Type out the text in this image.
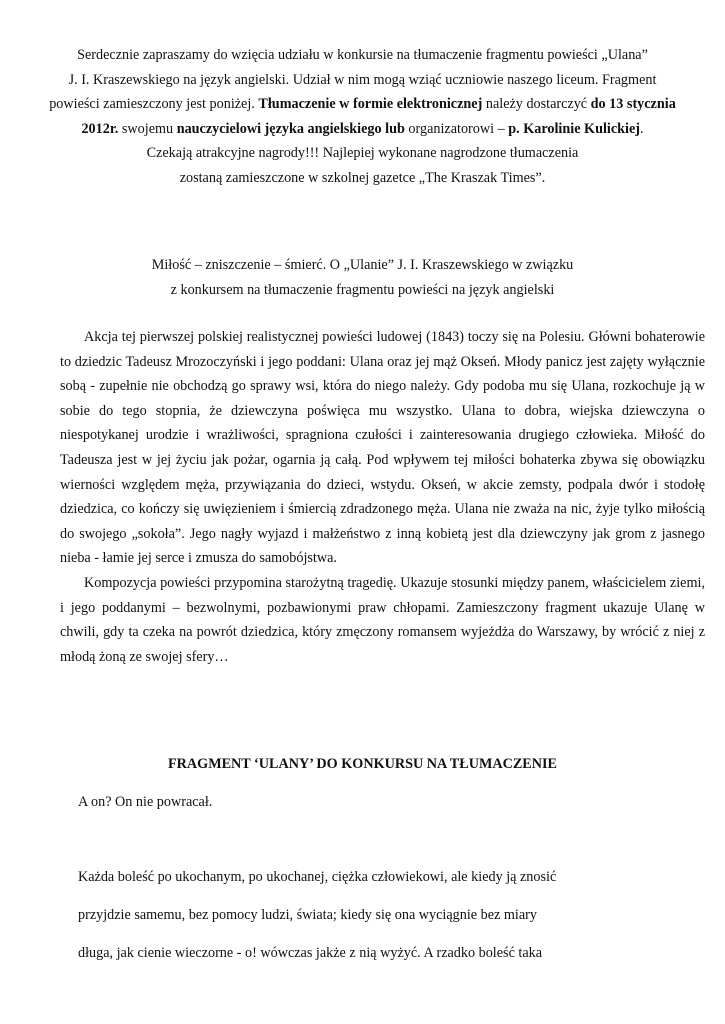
Serdecznie zapraszamy do wzięcia udziału w konkursie na tłumaczenie fragmentu powieści „Ulana”
J. I. Kraszewskiego na język angielski. Udział w nim mogą wziąć uczniowie naszego liceum. Fragment
powieści zamieszczony jest poniżej. Tłumaczenie w formie elektronicznej należy dostarczyć do 13 stycznia
2012r. swojemu nauczycielowi języka angielskiego lub organizatorowi – p. Karolinie Kulickiej.
Czekają atrakcyjne nagrody!!! Najlepiej wykonane nagrodzone tłumaczenia
zostaną zamieszczone w szkolnej gazetce „The Kraszak Times”.
Miłość – zniszczenie – śmierć. O „Ulanie” J. I. Kraszewskiego w związku
z konkursem na tłumaczenie fragmentu powieści na język angielski

Akcja tej pierwszej polskiej realistycznej powieści ludowej (1843) toczy się na Polesiu. Główni bohaterowie to dziedzic Tadeusz Mrozoczyński i jego poddani: Ulana oraz jej mąż Okseń. Młody panicz jest zajęty wyłącznie sobą - zupełnie nie obchodzą go sprawy wsi, która do niego należy. Gdy podoba mu się Ulana, rozkochuje ją w sobie do tego stopnia, że dziewczyna poświęca mu wszystko. Ulana to dobra, wiejska dziewczyna o niespotykanej urodzie i wrażliwości, spragniona czułości i zainteresowania drugiego człowieka. Miłość do Tadeusza jest w jej życiu jak pożar, ogarnia ją całą. Pod wpływem tej miłości bohaterka zbywa się obowiązku wierności względem męża, przywiązania do dzieci, wstydu. Okseń, w akcie zemsty, podpala dwór i stodołę dziedzica, co kończy się uwięzieniem i śmiercią zdradzonego męża. Ulana nie zważa na nic, żyje tylko miłością do swojego „sokoła”. Jego nagły wyjazd i małżeństwo z inną kobietą jest dla dziewczyny jak grom z jasnego nieba - łamie jej serce i zmusza do samobójstwa.

Kompozycja powieści przypomina starożytną tragedię. Ukazuje stosunki między panem, właścicielem ziemi, i jego poddanymi – bezwolnymi, pozbawionymi praw chłopami. Zamieszczony fragment ukazuje Ulanę w chwili, gdy ta czeka na powrót dziedzica, który zmęczony romansem wyjeżdża do Warszawy, by wrócić z niej z młodą żoną ze swojej sfery…

FRAGMENT ‘ULANY’ DO KONKURSU NA TŁUMACZENIE
A on? On nie powracał.
Każda boleść po ukochanym, po ukochanej, ciężka człowiekowi, ale kiedy ją znosić
przyjdzie samemu, bez pomocy ludzi, świata; kiedy się ona wyciągnie bez miary
długa, jak cienie wieczorne - o! wówczas jakże z nią wyżyć. A rzadko boleść taka
